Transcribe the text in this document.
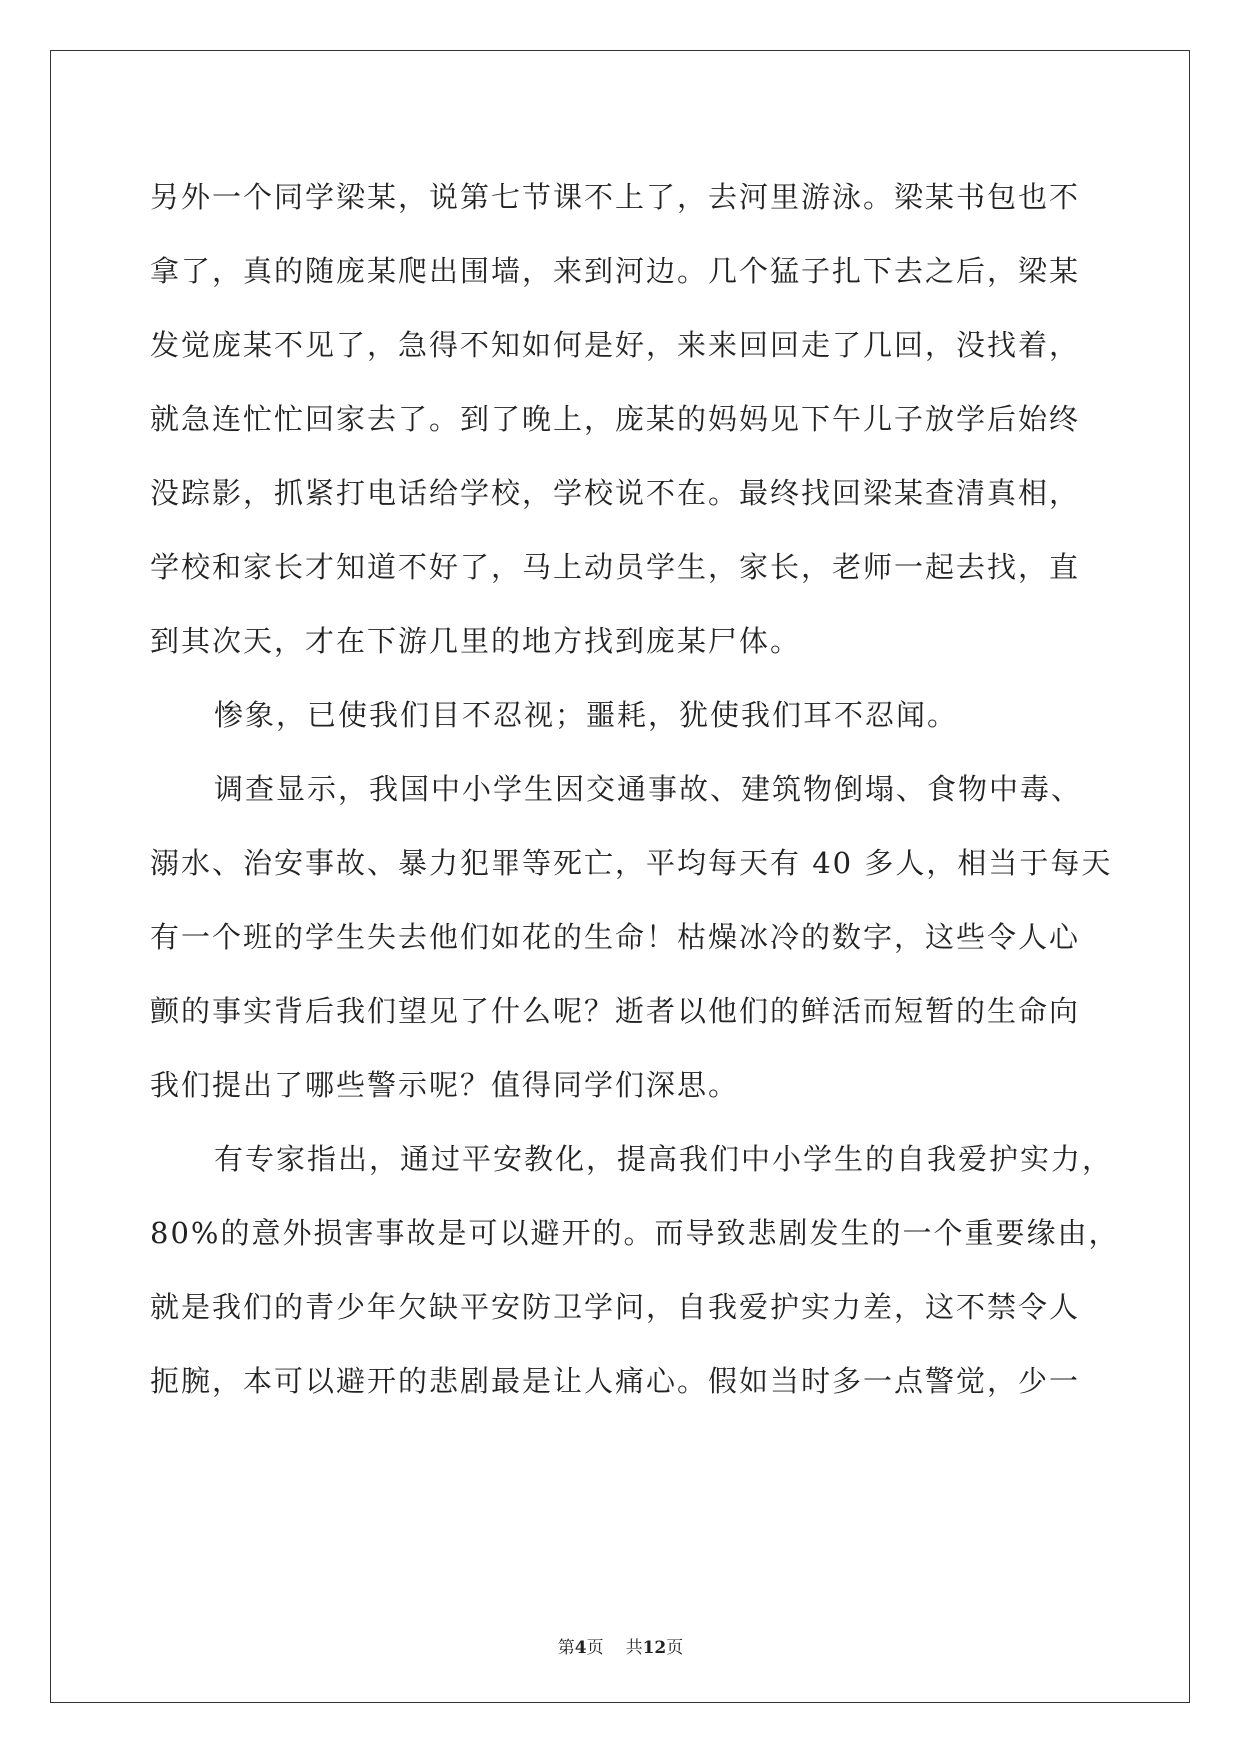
另外一个同学梁某，说第七节课不上了，去河里游泳。梁某书包也不
拿了，真的随庞某爬出围墙，来到河边。几个猛子扎下去之后，梁某
发觉庞某不见了，急得不知如何是好，来来回回走了几回，没找着，
就急连忙忙回家去了。到了晚上，庞某的妈妈见下午儿子放学后始终
没踪影，抓紧打电话给学校，学校说不在。最终找回梁某查清真相，
学校和家长才知道不好了，马上动员学生，家长，老师一起去找，直
到其次天，才在下游几里的地方找到庞某尸体。
惨象，已使我们目不忍视；噩耗，犹使我们耳不忍闻。
调查显示，我国中小学生因交通事故、建筑物倒塌、食物中毒、
溺水、治安事故、暴力犯罪等死亡，平均每天有 40 多人，相当于每天
有一个班的学生失去他们如花的生命！枯燥冰冷的数字，这些令人心
颤的事实背后我们望见了什么呢？逝者以他们的鲜活而短暂的生命向
我们提出了哪些警示呢？值得同学们深思。
有专家指出，通过平安教化，提高我们中小学生的自我爱护实力，
80%的意外损害事故是可以避开的。而导致悲剧发生的一个重要缘由，
就是我们的青少年欠缺平安防卫学问，自我爱护实力差，这不禁令人
扼腕，本可以避开的悲剧最是让人痛心。假如当时多一点警觉，少一
第4页 共12页
